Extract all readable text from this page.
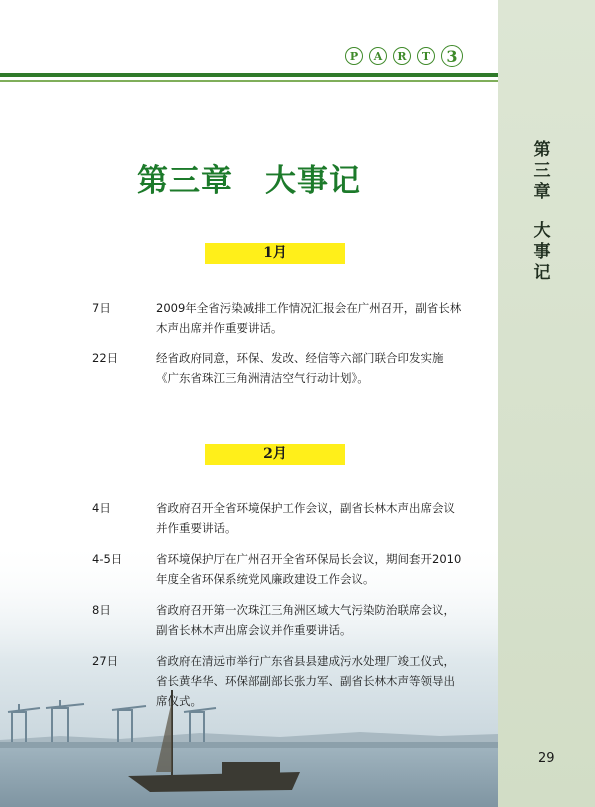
第三章
大事记
P	A	R	T	3
第三章　大事记
1月
7日	2009年全省污染减排工作情况汇报会在广州召开，副省长林木声出席并作重要讲话。
22日	经省政府同意，环保、发改、经信等六部门联合印发实施《广东省珠江三角洲清洁空气行动计划》。
2月
4日	省政府召开全省环境保护工作会议，副省长林木声出席会议并作重要讲话。
4-5日	省环境保护厅在广州召开全省环保局长会议，期间套开2010年度全省环保系统党风廉政建设工作会议。
8日	省政府召开第一次珠江三角洲区域大气污染防治联席会议，副省长林木声出席会议并作重要讲话。
27日	省政府在清远市举行广东省县县建成污水处理厂竣工仪式，省长黄华华、环保部副部长张力军、副省长林木声等领导出席仪式。
29
